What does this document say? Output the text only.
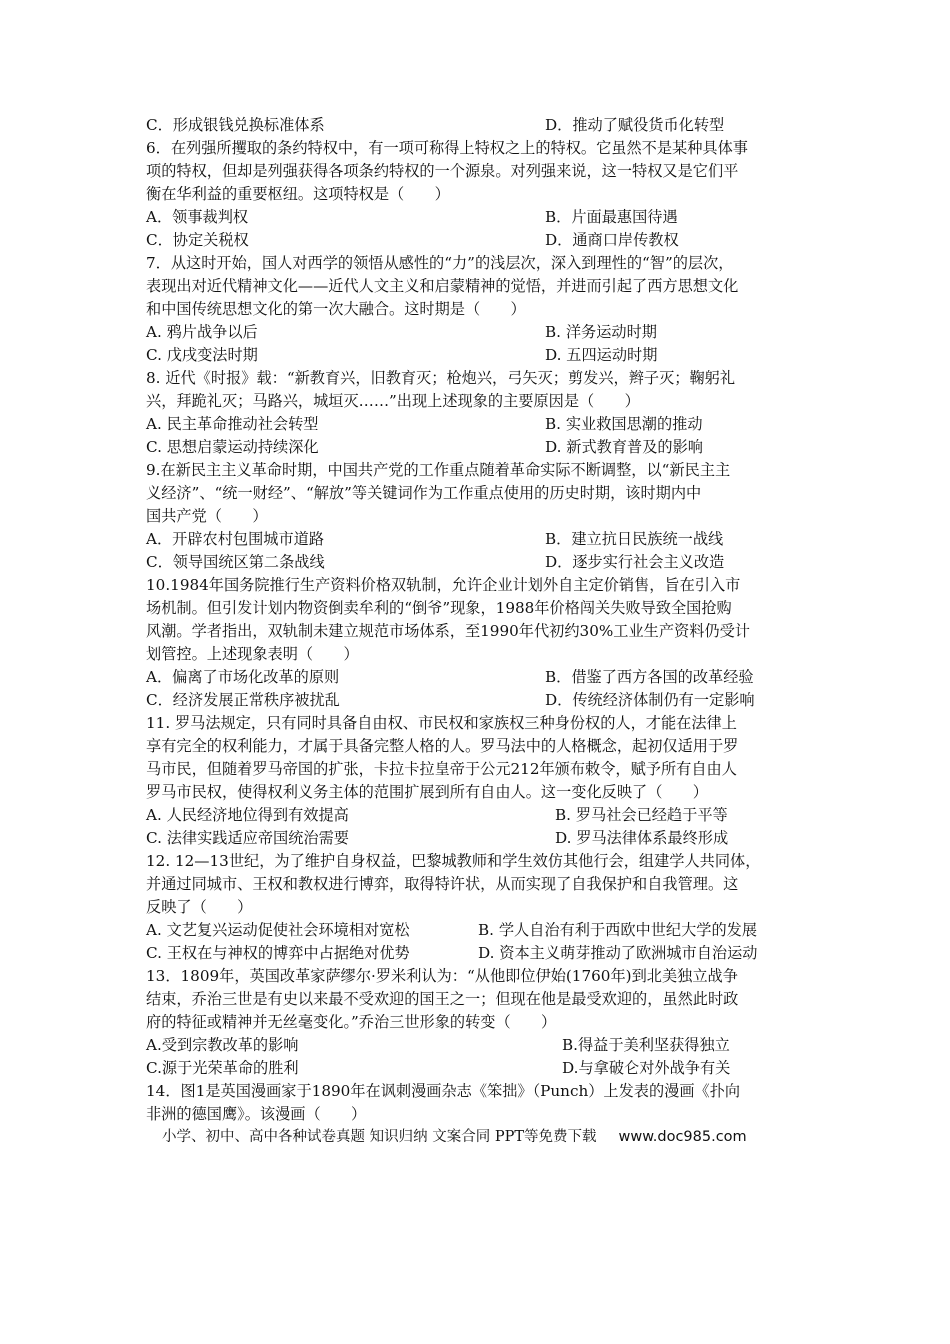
C．形成银钱兑换标准体系	D．推动了赋役货币化转型
6．在列强所攫取的条约特权中，有一项可称得上特权之上的特权。它虽然不是某种具体事
项的特权，但却是列强获得各项条约特权的一个源泉。对列强来说，这一特权又是它们平
衡在华利益的重要枢纽。这项特权是（　　）
A．领事裁判权	B．片面最惠国待遇
C．协定关税权	D．通商口岸传教权
7．从这时开始，国人对西学的领悟从感性的“力”的浅层次，深入到理性的“智”的层次，
表现出对近代精神文化——近代人文主义和启蒙精神的觉悟，并进而引起了西方思想文化
和中国传统思想文化的第一次大融合。这时期是（　　）
A. 鸦片战争以后	B. 洋务运动时期
C. 戊戌变法时期	D. 五四运动时期
8. 近代《时报》载：“新教育兴，旧教育灭；枪炮兴，弓矢灭；剪发兴，辫子灭；鞠躬礼
兴，拜跪礼灭；马路兴，城垣灭……”出现上述现象的主要原因是（　　）
A. 民主革命推动社会转型	B. 实业救国思潮的推动
C. 思想启蒙运动持续深化	D. 新式教育普及的影响
9.在新民主主义革命时期，中国共产党的工作重点随着革命实际不断调整，以“新民主主
义经济”、“统一财经”、“解放”等关键词作为工作重点使用的历史时期，该时期内中
国共产党（　　）
A．开辟农村包围城市道路	B．建立抗日民族统一战线
C．领导国统区第二条战线	D．逐步实行社会主义改造
10.1984年国务院推行生产资料价格双轨制，允许企业计划外自主定价销售，旨在引入市
场机制。但引发计划内物资倒卖牟利的“倒爷”现象，1988年价格闯关失败导致全国抢购
风潮。学者指出，双轨制未建立规范市场体系，至1990年代初约30%工业生产资料仍受计
划管控。上述现象表明（　　）
A．偏离了市场化改革的原则	B．借鉴了西方各国的改革经验
C．经济发展正常秩序被扰乱	D．传统经济体制仍有一定影响
11. 罗马法规定，只有同时具备自由权、市民权和家族权三种身份权的人，才能在法律上
享有完全的权利能力，才属于具备完整人格的人。罗马法中的人格概念，起初仅适用于罗
马市民，但随着罗马帝国的扩张，卡拉卡拉皇帝于公元212年颁布敕令，赋予所有自由人
罗马市民权，使得权利义务主体的范围扩展到所有自由人。这一变化反映了（　　）
A. 人民经济地位得到有效提高	B. 罗马社会已经趋于平等
C. 法律实践适应帝国统治需要	D. 罗马法律体系最终形成
12. 12—13世纪，为了维护自身权益，巴黎城教师和学生效仿其他行会，组建学人共同体，
并通过同城市、王权和教权进行博弈，取得特许状，从而实现了自我保护和自我管理。这
反映了（　　）
A. 文艺复兴运动促使社会环境相对宽松	B. 学人自治有利于西欧中世纪大学的发展
C. 王权在与神权的博弈中占据绝对优势	D. 资本主义萌芽推动了欧洲城市自治运动
13．1809年，英国改革家萨缪尔·罗米利认为：“从他即位伊始(1760年)到北美独立战争
结束，乔治三世是有史以来最不受欢迎的国王之一；但现在他是最受欢迎的，虽然此时政
府的特征或精神并无丝毫变化。”乔治三世形象的转变（　　）
A.受到宗教改革的影响	B.得益于美利坚获得独立
C.源于光荣革命的胜利	D.与拿破仑对外战争有关
14．图1是英国漫画家于1890年在讽刺漫画杂志《笨拙》（Punch）上发表的漫画《扑向
非洲的德国鹰》。该漫画（　　）
小学、初中、高中各种试卷真题 知识归纳 文案合同 PPT等免费下载 www.doc985.com
